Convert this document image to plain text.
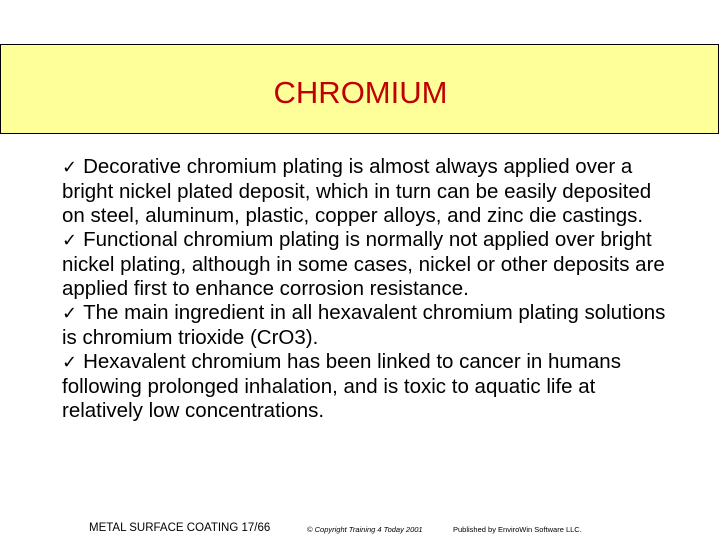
CHROMIUM

✓ Decorative chromium plating is almost always applied over a bright nickel plated deposit, which in turn can be easily deposited on steel, aluminum, plastic, copper alloys, and zinc die castings.

✓ Functional chromium plating is normally not applied over bright nickel plating, although in some cases, nickel or other deposits are applied first to enhance corrosion resistance.

✓ The main ingredient in all hexavalent chromium plating solutions is chromium trioxide (CrO3).

✓ Hexavalent chromium has been linked to cancer in humans following prolonged inhalation, and is toxic to aquatic life at relatively low concentrations.

METAL SURFACE COATING 17/66	© Copyright Training 4 Today 2001	Published by EnviroWin Software LLC.
